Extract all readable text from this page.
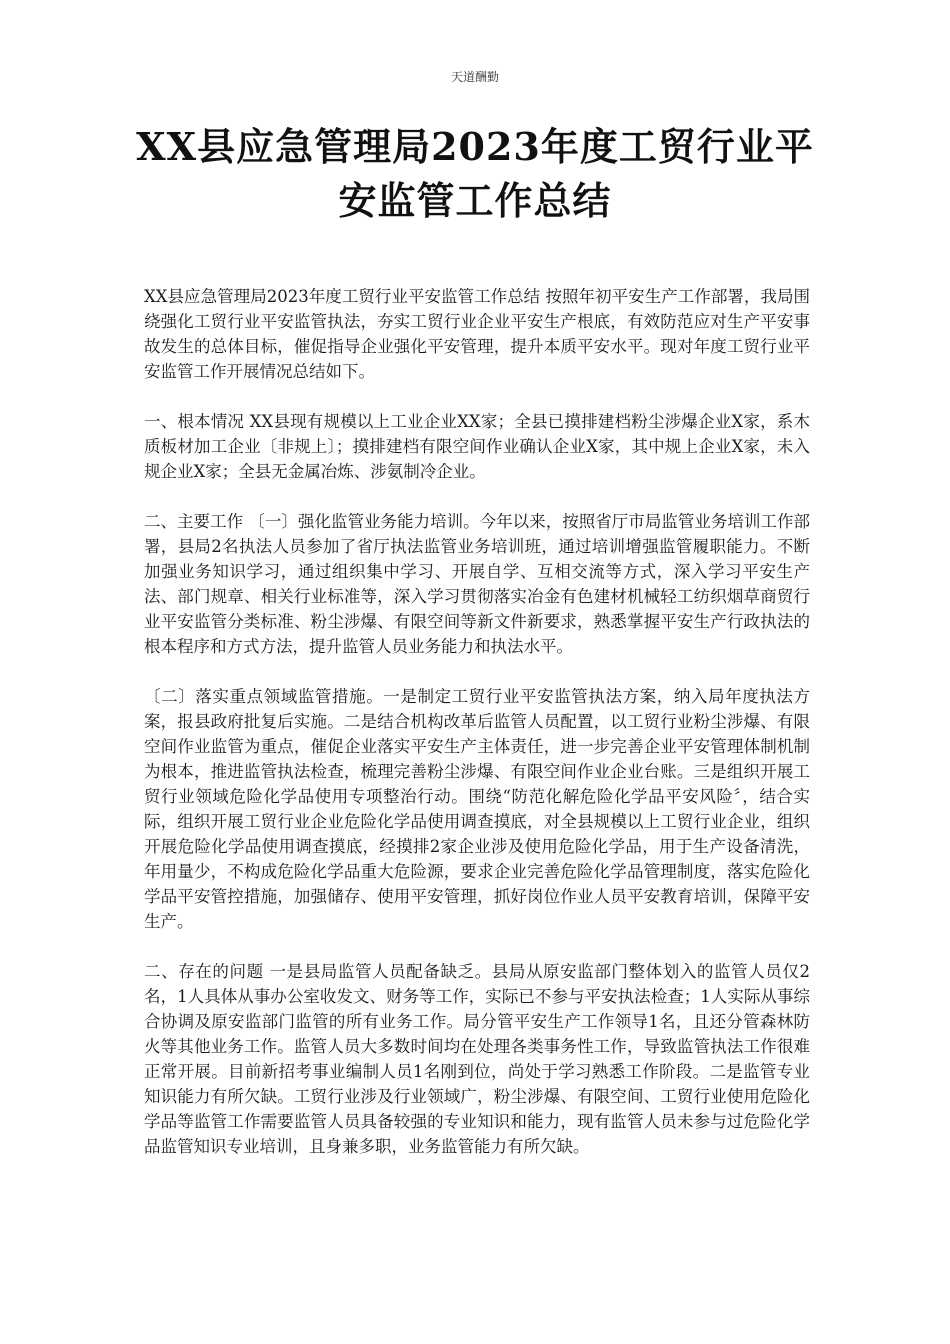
天道酬勤
XX县应急管理局2023年度工贸行业平
安监管工作总结

XX县应急管理局2023年度工贸行业平安监管工作总结 按照年初平安生产工作部署，我局围绕强化工贸行业平安监管执法，夯实工贸行业企业平安生产根底，有效防范应对生产平安事故发生的总体目标，催促指导企业强化平安管理，提升本质平安水平。现对年度工贸行业平安监管工作开展情况总结如下。

一、根本情况 XX县现有规模以上工业企业XX家；全县已摸排建档粉尘涉爆企业X家，系木质板材加工企业〔非规上〕；摸排建档有限空间作业确认企业X家，其中规上企业X家，未入规企业X家；全县无金属冶炼、涉氨制冷企业。

二、主要工作 〔一〕强化监管业务能力培训。今年以来，按照省厅市局监管业务培训工作部署，县局2名执法人员参加了省厅执法监管业务培训班，通过培训增强监管履职能力。不断加强业务知识学习，通过组织集中学习、开展自学、互相交流等方式，深入学习平安生产法、部门规章、相关行业标准等，深入学习贯彻落实冶金有色建材机械轻工纺织烟草商贸行业平安监管分类标准、粉尘涉爆、有限空间等新文件新要求，熟悉掌握平安生产行政执法的根本程序和方式方法，提升监管人员业务能力和执法水平。

〔二〕落实重点领域监管措施。一是制定工贸行业平安监管执法方案，纳入局年度执法方案，报县政府批复后实施。二是结合机构改革后监管人员配置，以工贸行业粉尘涉爆、有限空间作业监管为重点，催促企业落实平安生产主体责任，进一步完善企业平安管理体制机制为根本，推进监管执法检查，梳理完善粉尘涉爆、有限空间作业企业台账。三是组织开展工贸行业领域危险化学品使用专项整治行动。围绕“防范化解危险化学品平安风险〞，结合实际，组织开展工贸行业企业危险化学品使用调查摸底，对全县规模以上工贸行业企业，组织开展危险化学品使用调查摸底，经摸排2家企业涉及使用危险化学品，用于生产设备清洗，年用量少，不构成危险化学品重大危险源，要求企业完善危险化学品管理制度，落实危险化学品平安管控措施，加强储存、使用平安管理，抓好岗位作业人员平安教育培训，保障平安生产。

二、存在的问题 一是县局监管人员配备缺乏。县局从原安监部门整体划入的监管人员仅2名，1人具体从事办公室收发文、财务等工作，实际已不参与平安执法检查；1人实际从事综合协调及原安监部门监管的所有业务工作。局分管平安生产工作领导1名，且还分管森林防火等其他业务工作。监管人员大多数时间均在处理各类事务性工作，导致监管执法工作很难正常开展。目前新招考事业编制人员1名刚到位，尚处于学习熟悉工作阶段。二是监管专业知识能力有所欠缺。工贸行业涉及行业领域广，粉尘涉爆、有限空间、工贸行业使用危险化学品等监管工作需要监管人员具备较强的专业知识和能力，现有监管人员未参与过危险化学品监管知识专业培训，且身兼多职，业务监管能力有所欠缺。
